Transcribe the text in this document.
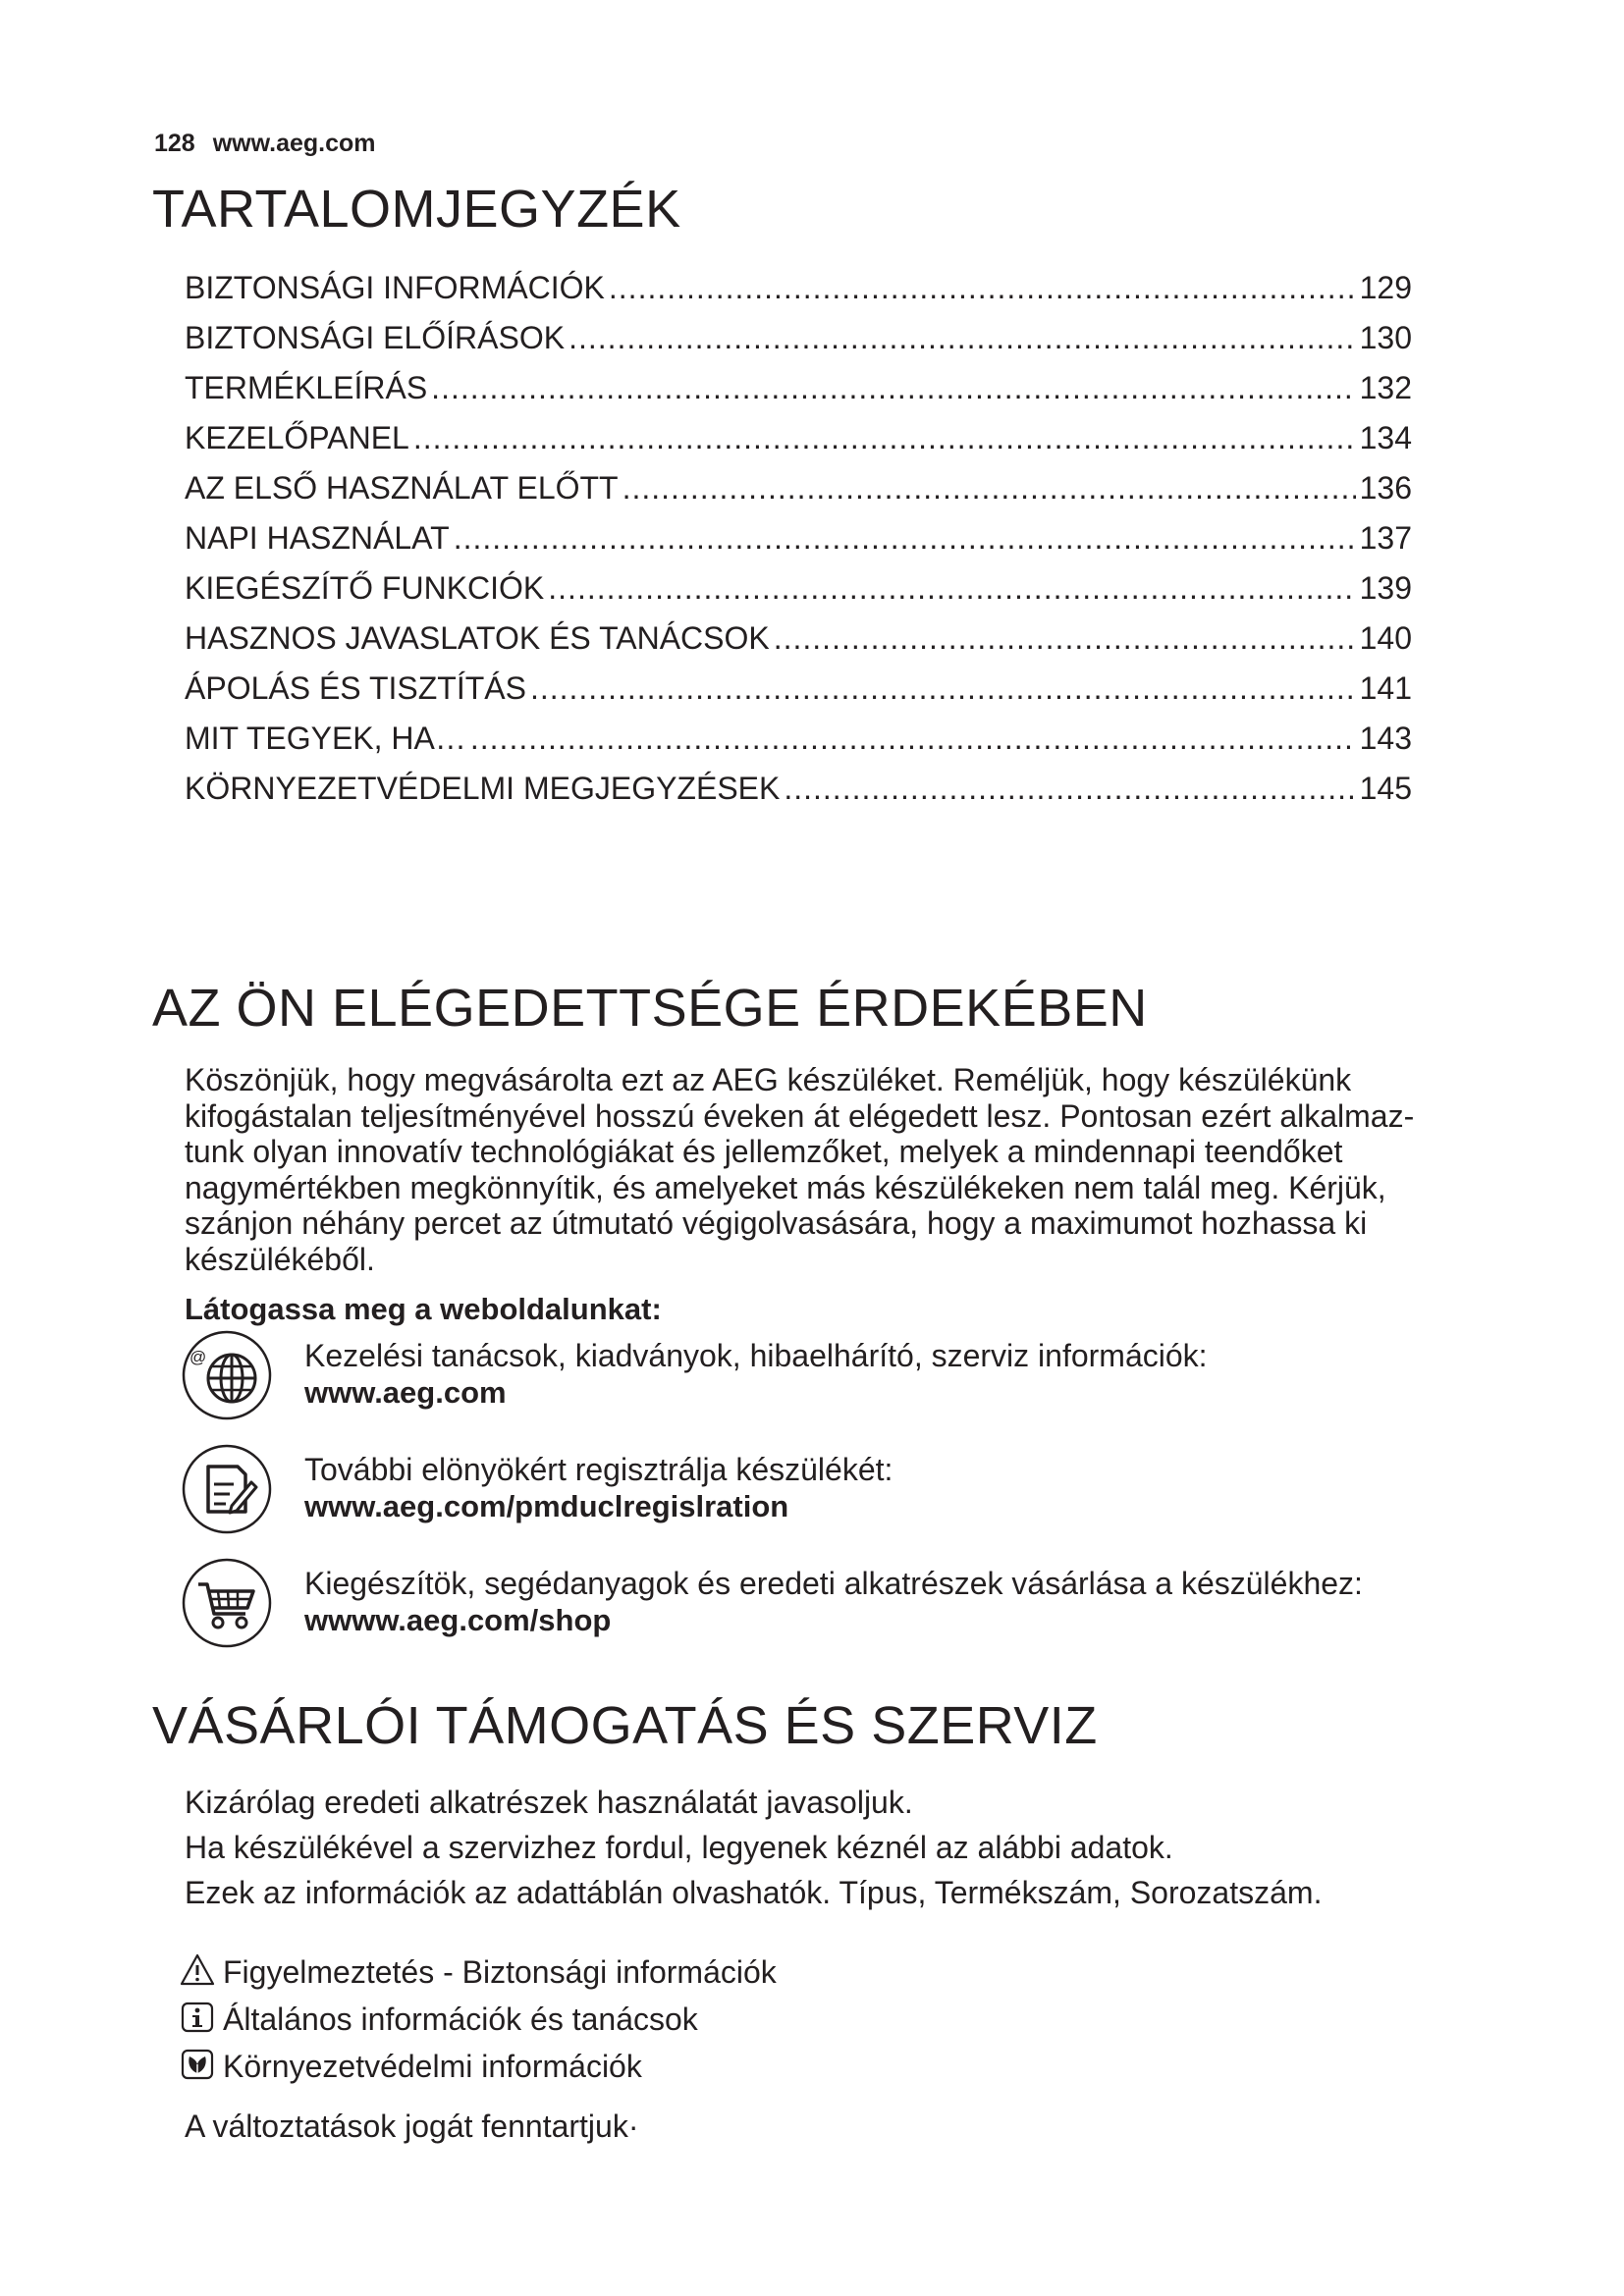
128 www.aeg.com
TARTALOMJEGYZÉK
BIZTONSÁGI INFORMÁCIÓK .....	129
BIZTONSÁGI ELŐÍRÁSOK .....	130
TERMÉKLEÍRÁS .....	132
KEZELŐPANEL .....	134
AZ ELSŐ HASZNÁLAT ELŐTT .....	136
NAPI HASZNÁLAT .....	137
KIEGÉSZÍTŐ FUNKCIÓK .....	139
HASZNOS JAVASLATOK ÉS TANÁCSOK .....	140
ÁPOLÁS ÉS TISZTÍTÁS .....	141
MIT TEGYEK, HA… .....	143
KÖRNYEZETVÉDELMI MEGJEGYZÉSEK .....	145
AZ ÖN ELÉGEDETTSÉGE ÉRDEKÉBEN
Köszönjük, hogy megvásárolta ezt az AEG készüléket. Reméljük, hogy készülékünk
kifogástalan teljesítményével hosszú éveken át elégedett lesz. Pontosan ezért alkalmaz-
tunk olyan innovatív technológiákat és jellemzőket, melyek a mindennapi teendőket
nagymértékben megkönnyítik, és amelyeket más készülékeken nem talál meg. Kérjük,
szánjon néhány percet az útmutató végigolvasására, hogy a maximumot hozhassa ki
készülékéből.

Látogassa meg a weboldalunkat:

@	Kezelési tanácsok, kiadványok, hibaelhárító, szerviz információk:
www.aeg.com
További elönyökért regisztrálja készülékét:
www.aeg.com/pmduclregislration
Kiegészítök, segédanyagok és eredeti alkatrészek vásárlása a készülékhez:
wwww.aeg.com/shop
VÁSÁRLÓI TÁMOGATÁS ÉS SZERVIZ

Kizárólag eredeti alkatrészek használatát javasoljuk.

Ha készülékével a szervizhez fordul, legyenek kéznél az alábbi adatok.

Ezek az információk az adattáblán olvashatók. Típus, Termékszám, Sorozatszám.

Figyelmeztetés - Biztonsági információk
Általános információk és tanácsok
Környezetvédelmi információk

A változtatások jogát fenntartjuk·
